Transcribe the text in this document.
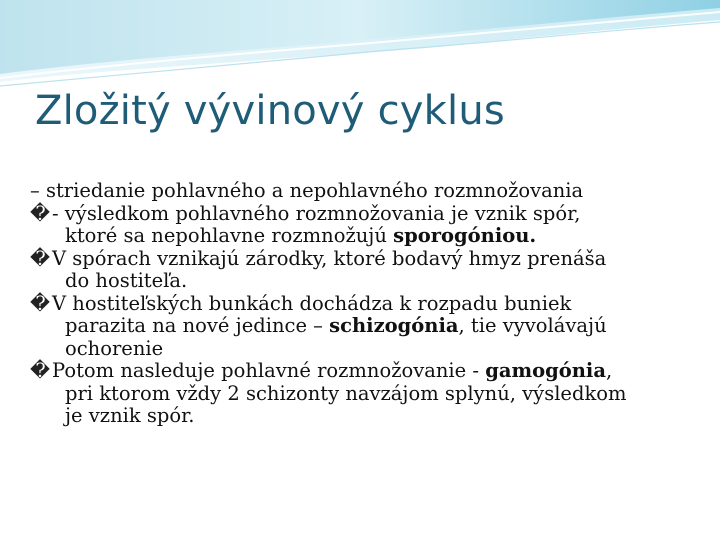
Zložitý vývinový cyklus
– striedanie pohlavného a nepohlavného rozmnožovania
� - výsledkom pohlavného rozmnožovania je vznik spór,
ktoré sa nepohlavne rozmnožujú sporogóniou.
� V spórach vznikajú zárodky, ktoré bodavý hmyz prenáša
do hostiteľa.
� V hostiteľských bunkách dochádza k rozpadu buniek
parazita na nové jedince – schizogónia, tie vyvolávajú
ochorenie
� Potom nasleduje pohlavné rozmnožovanie - gamogónia,
pri ktorom vždy 2 schizonty navzájom splynú, výsledkom
je vznik spór.
